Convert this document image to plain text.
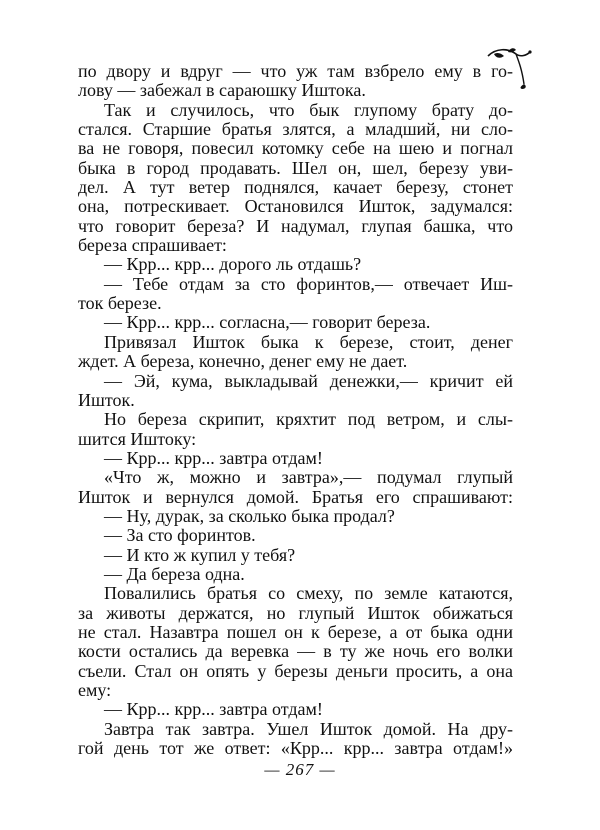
по двору и вдруг — что уж там взбрело ему в го-
лову — забежал в сараюшку Иштока.
Так и случилось, что бык глупому брату до-
стался. Старшие братья злятся, а младший, ни сло-
ва не говоря, повесил котомку себе на шею и погнал
быка в город продавать. Шел он, шел, березу уви-
дел. А тут ветер поднялся, качает березу, стонет
она, потрескивает. Остановился Ишток, задумался:
что говорит береза? И надумал, глупая башка, что
береза спрашивает:
— Крр... крр... дорого ль отдашь?
— Тебе отдам за сто форинтов,— отвечает Иш-
ток березе.
— Крр... крр... согласна,— говорит береза.
Привязал Ишток быка к березе, стоит, денег
ждет. А береза, конечно, денег ему не дает.
— Эй, кума, выкладывай денежки,— кричит ей
Ишток.
Но береза скрипит, кряхтит под ветром, и слы-
шится Иштоку:
— Крр... крр... завтра отдам!
«Что ж, можно и завтра»,— подумал глупый
Ишток и вернулся домой. Братья его спрашивают:
— Ну, дурак, за сколько быка продал?
— За сто форинтов.
— И кто ж купил у тебя?
— Да береза одна.
Повалились братья со смеху, по земле катаются,
за животы держатся, но глупый Ишток обижаться
не стал. Назавтра пошел он к березе, а от быка одни
кости остались да веревка — в ту же ночь его волки
съели. Стал он опять у березы деньги просить, а она
ему:
— Крр... крр... завтра отдам!
Завтра так завтра. Ушел Ишток домой. На дру-
гой день тот же ответ: «Крр... крр... завтра отдам!»
— 267 —
